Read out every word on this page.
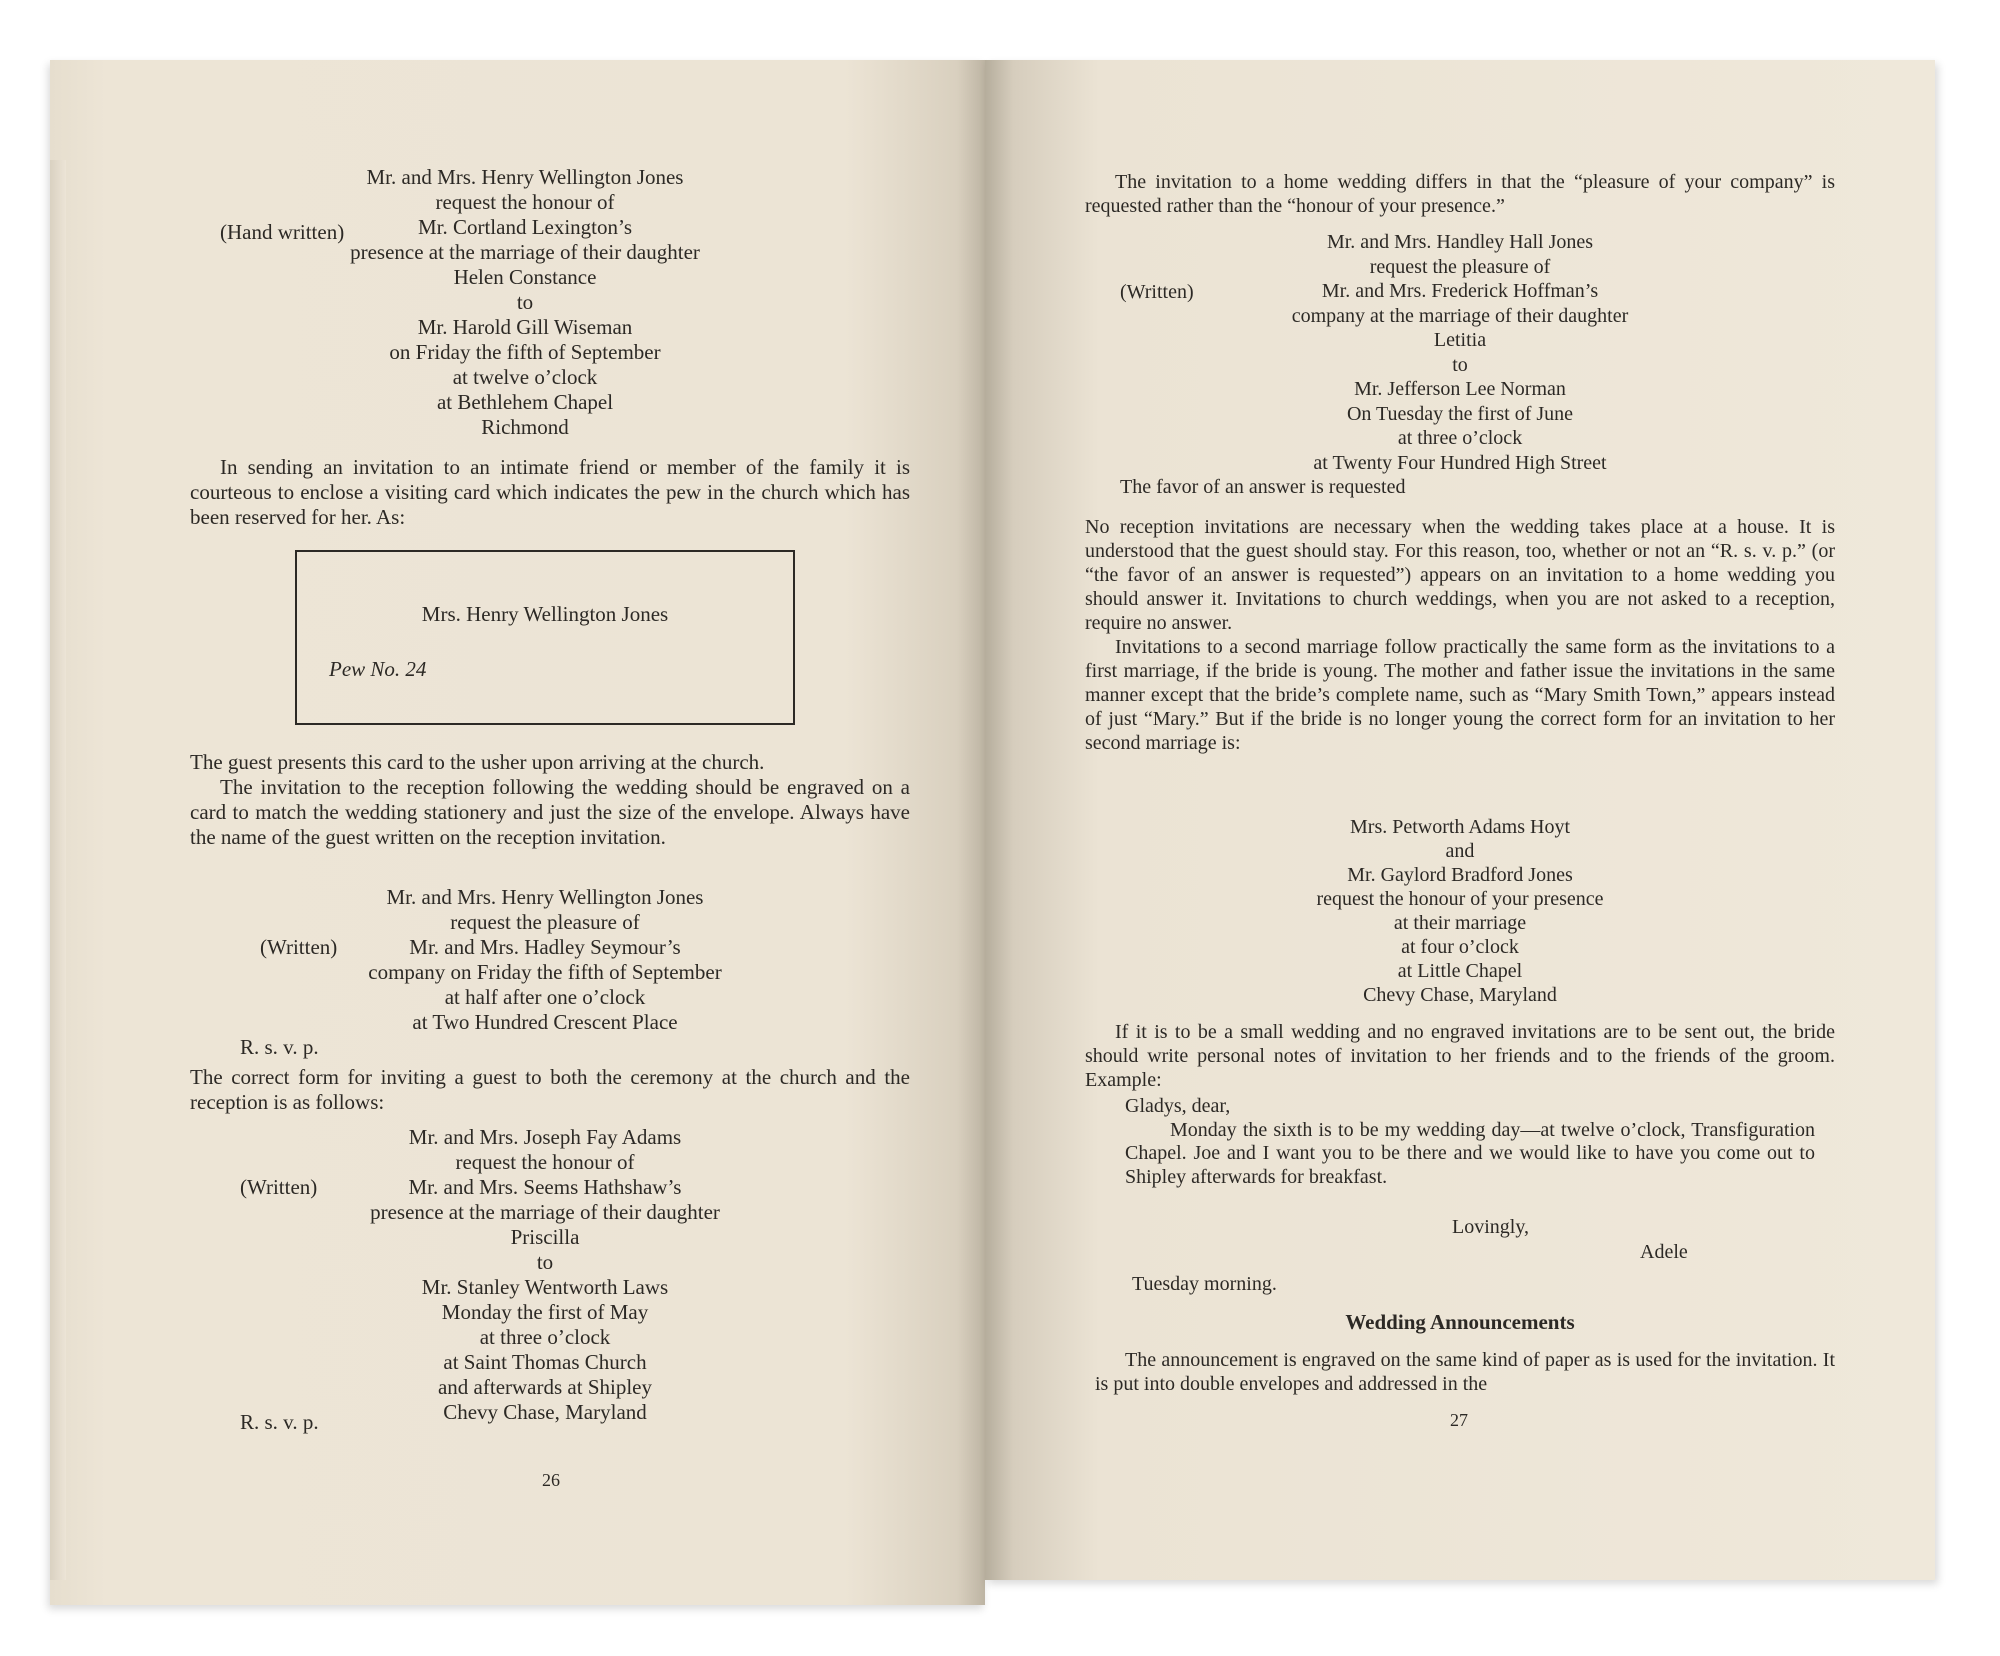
Mr. and Mrs. Henry Wellington Jones

request the honour of

Mr. Cortland Lexington’s

presence at the marriage of their daughter

Helen Constance

to

Mr. Harold Gill Wiseman

on Friday the fifth of September

at twelve o’clock

at Bethlehem Chapel

Richmond

(Hand written)

In sending an invitation to an intimate friend or member of the family it is courteous to enclose a visiting card which indicates the pew in the church which has been reserved for her. As:

Mrs. Henry Wellington Jones
Pew No. 24

The guest presents this card to the usher upon arriving at the church.

The invitation to the reception following the wedding should be engraved on a card to match the wedding stationery and just the size of the envelope. Always have the name of the guest written on the reception invitation.

Mr. and Mrs. Henry Wellington Jones

request the pleasure of

Mr. and Mrs. Hadley Seymour’s

company on Friday the fifth of September

at half after one o’clock

at Two Hundred Crescent Place

(Written)
R. s. v. p.

The correct form for inviting a guest to both the ceremony at the church and the reception is as follows:

Mr. and Mrs. Joseph Fay Adams

request the honour of

Mr. and Mrs. Seems Hathshaw’s

presence at the marriage of their daughter

Priscilla

to

Mr. Stanley Wentworth Laws

Monday the first of May

at three o’clock

at Saint Thomas Church

and afterwards at Shipley

Chevy Chase, Maryland

(Written)
R. s. v. p.
26

The invitation to a home wedding differs in that the “pleasure of your company” is requested rather than the “honour of your presence.”

Mr. and Mrs. Handley Hall Jones

request the pleasure of

Mr. and Mrs. Frederick Hoffman’s

company at the marriage of their daughter

Letitia

to

Mr. Jefferson Lee Norman

On Tuesday the first of June

at three o’clock

at Twenty Four Hundred High Street

(Written)
The favor of an answer is requested

No reception invitations are necessary when the wedding takes place at a house. It is understood that the guest should stay. For this reason, too, whether or not an “R. s. v. p.” (or “the favor of an answer is requested”) appears on an invitation to a home wedding you should answer it. Invitations to church weddings, when you are not asked to a reception, require no answer.

Invitations to a second marriage follow practically the same form as the invitations to a first marriage, if the bride is young. The mother and father issue the invitations in the same manner except that the bride’s complete name, such as “Mary Smith Town,” appears instead of just “Mary.” But if the bride is no longer young the correct form for an invitation to her second marriage is:

Mrs. Petworth Adams Hoyt

and

Mr. Gaylord Bradford Jones

request the honour of your presence

at their marriage

at four o’clock

at Little Chapel

Chevy Chase, Maryland

If it is to be a small wedding and no engraved invitations are to be sent out, the bride should write personal notes of invitation to her friends and to the friends of the groom. Example:

Gladys, dear,

Monday the sixth is to be my wedding day—at twelve o’clock, Transfiguration Chapel. Joe and I want you to be there and we would like to have you come out to Shipley afterwards for breakfast.

Lovingly,
Adele
Tuesday morning.

Wedding Announcements

The announcement is engraved on the same kind of paper as is used for the invitation. It is put into double envelopes and addressed in the

27
